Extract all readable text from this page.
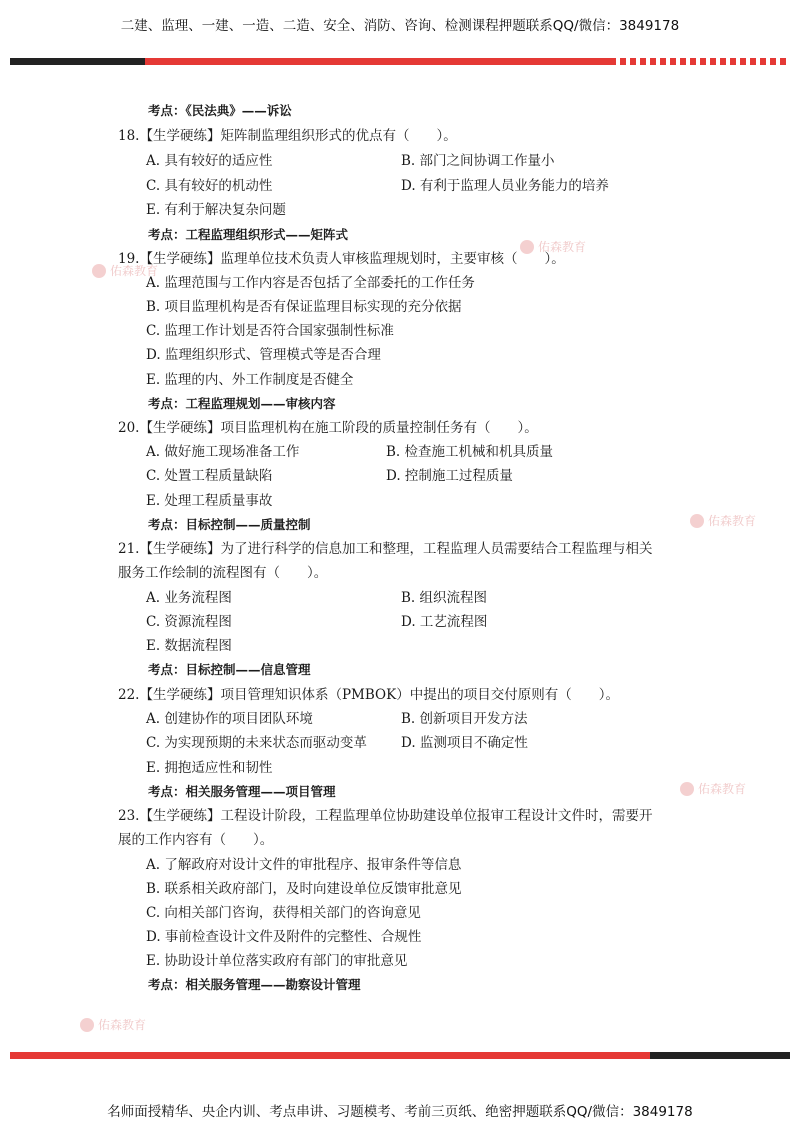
二建、监理、一建、一造、二造、安全、消防、咨询、检测课程押题联系QQ/微信：3849178
佑森教育
佑森教育
佑森教育
佑森教育
佑森教育
考点：《民法典》——诉讼
18.【生学硬练】矩阵制监理组织形式的优点有（　　）。
A. 具有较好的适应性	B. 部门之间协调工作量小
C. 具有较好的机动性	D. 有利于监理人员业务能力的培养
E. 有利于解决复杂问题
考点：工程监理组织形式——矩阵式
19.【生学硬练】监理单位技术负责人审核监理规划时，主要审核（　　）。
A. 监理范围与工作内容是否包括了全部委托的工作任务
B. 项目监理机构是否有保证监理目标实现的充分依据
C. 监理工作计划是否符合国家强制性标准
D. 监理组织形式、管理模式等是否合理
E. 监理的内、外工作制度是否健全
考点：工程监理规划——审核内容
20.【生学硬练】项目监理机构在施工阶段的质量控制任务有（　　）。
A. 做好施工现场准备工作	B. 检查施工机械和机具质量
C. 处置工程质量缺陷	D. 控制施工过程质量
E. 处理工程质量事故
考点：目标控制——质量控制
21.【生学硬练】为了进行科学的信息加工和整理，工程监理人员需要结合工程监理与相关
服务工作绘制的流程图有（　　）。
A. 业务流程图	B. 组织流程图
C. 资源流程图	D. 工艺流程图
E. 数据流程图
考点：目标控制——信息管理
22.【生学硬练】项目管理知识体系（PMBOK）中提出的项目交付原则有（　　）。
A. 创建协作的项目团队环境	B. 创新项目开发方法
C. 为实现预期的未来状态而驱动变革	D. 监测项目不确定性
E. 拥抱适应性和韧性
考点：相关服务管理——项目管理
23.【生学硬练】工程设计阶段，工程监理单位协助建设单位报审工程设计文件时，需要开
展的工作内容有（　　）。
A. 了解政府对设计文件的审批程序、报审条件等信息
B. 联系相关政府部门，及时向建设单位反馈审批意见
C. 向相关部门咨询，获得相关部门的咨询意见
D. 事前检查设计文件及附件的完整性、合规性
E. 协助设计单位落实政府有部门的审批意见
考点：相关服务管理——勘察设计管理
名师面授精华、央企内训、考点串讲、习题模考、考前三页纸、绝密押题联系QQ/微信：3849178
